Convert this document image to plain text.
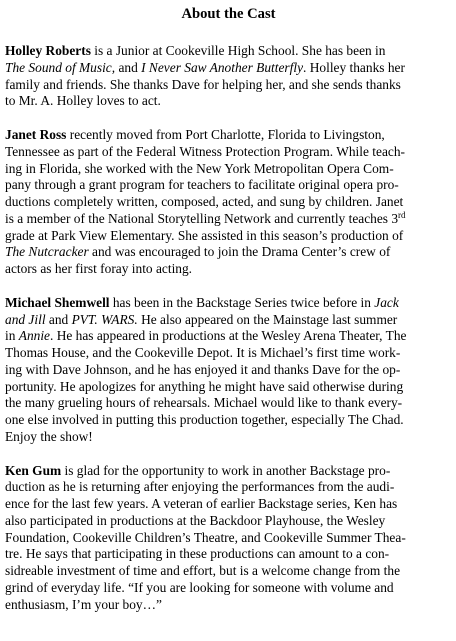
About the Cast
Holley Roberts is a Junior at Cookeville High School. She has been in
The Sound of Music, and I Never Saw Another Butterfly. Holley thanks her
family and friends. She thanks Dave for helping her, and she sends thanks
to Mr. A. Holley loves to act.
Janet Ross recently moved from Port Charlotte, Florida to Livingston,
Tennessee as part of the Federal Witness Protection Program. While teach-
ing in Florida, she worked with the New York Metropolitan Opera Com-
pany through a grant program for teachers to facilitate original opera pro-
ductions completely written, composed, acted, and sung by children. Janet
is a member of the National Storytelling Network and currently teaches 3rd
grade at Park View Elementary. She assisted in this season’s production of
The Nutcracker and was encouraged to join the Drama Center’s crew of
actors as her first foray into acting.
Michael Shemwell has been in the Backstage Series twice before in Jack
and Jill and PVT. WARS. He also appeared on the Mainstage last summer
in Annie. He has appeared in productions at the Wesley Arena Theater, The
Thomas House, and the Cookeville Depot. It is Michael’s first time work-
ing with Dave Johnson, and he has enjoyed it and thanks Dave for the op-
portunity. He apologizes for anything he might have said otherwise during
the many grueling hours of rehearsals. Michael would like to thank every-
one else involved in putting this production together, especially The Chad.
Enjoy the show!
Ken Gum is glad for the opportunity to work in another Backstage pro-
duction as he is returning after enjoying the performances from the audi-
ence for the last few years. A veteran of earlier Backstage series, Ken has
also participated in productions at the Backdoor Playhouse, the Wesley
Foundation, Cookeville Children’s Theatre, and Cookeville Summer Thea-
tre. He says that participating in these productions can amount to a con-
sidreable investment of time and effort, but is a welcome change from the
grind of everyday life. “If you are looking for someone with volume and
enthusiasm, I’m your boy…”
